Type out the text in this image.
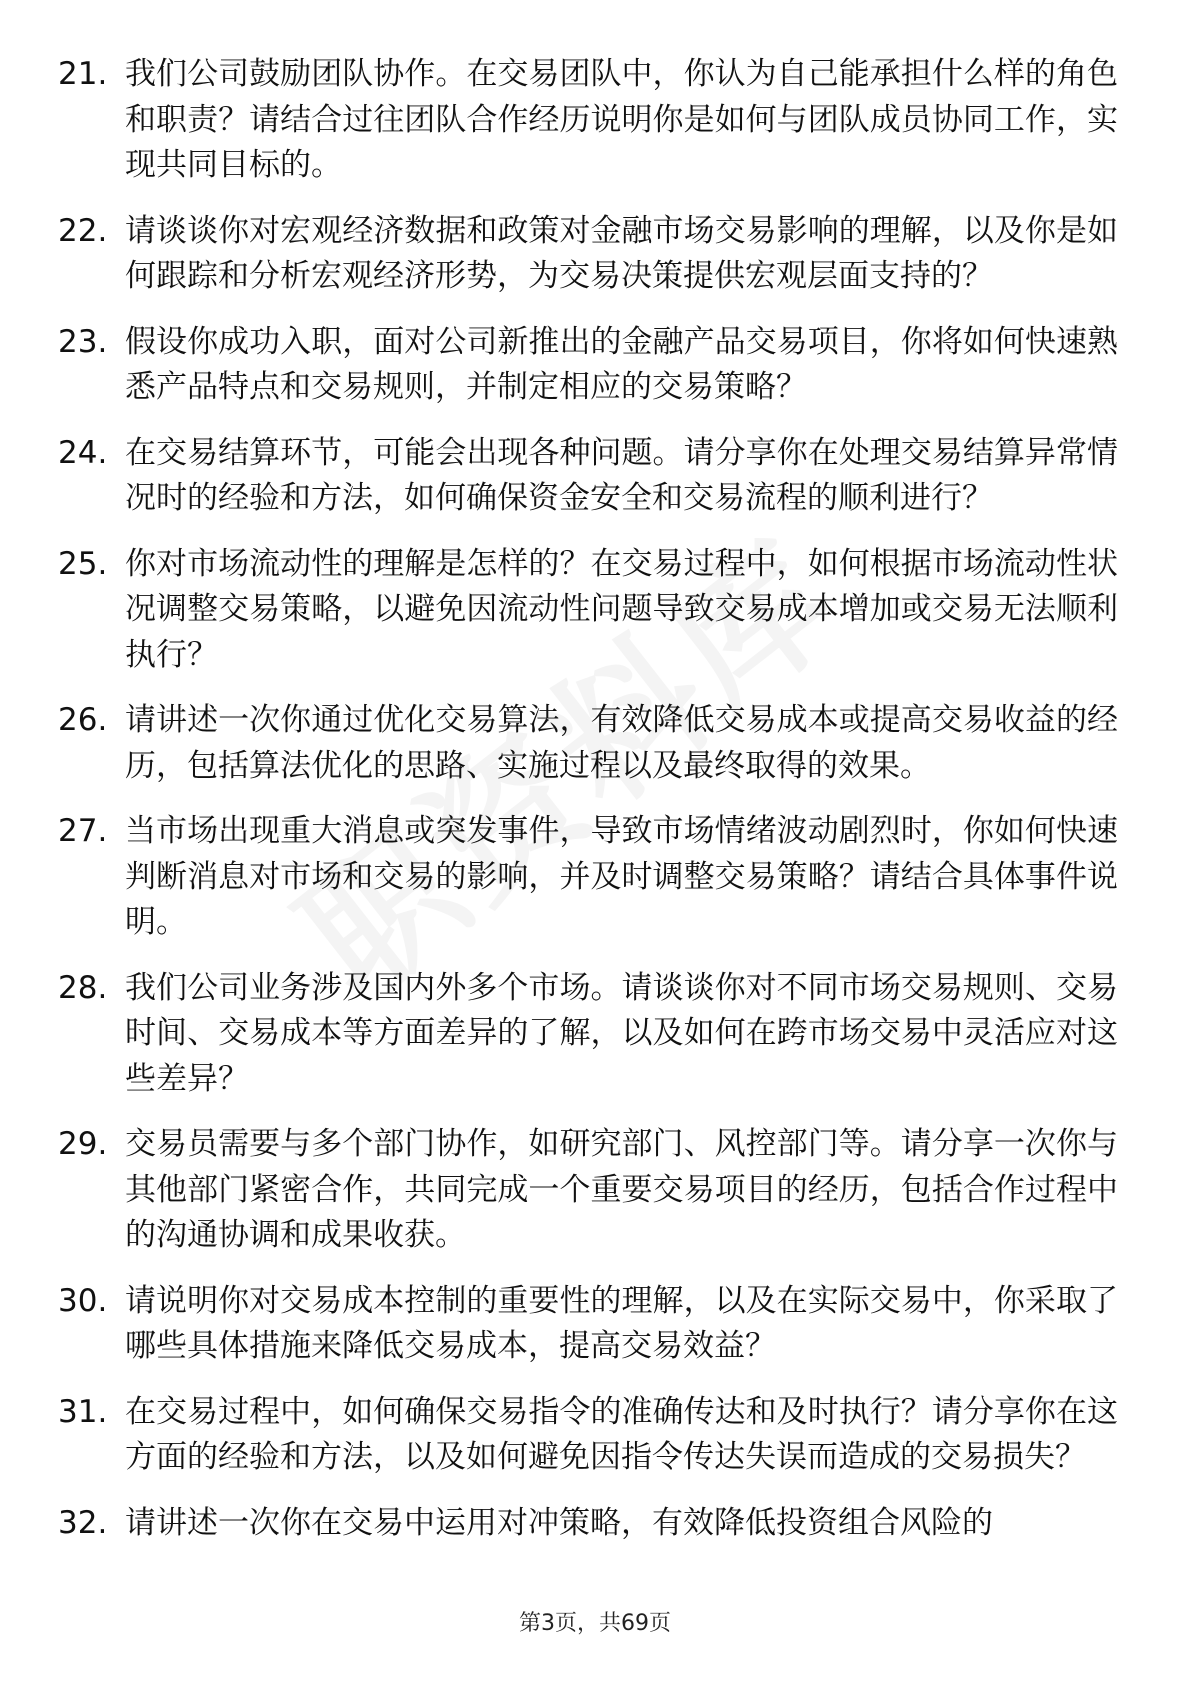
21. 我们公司鼓励团队协作。在交易团队中，你认为自己能承担什么样的角色和职责？请结合过往团队合作经历说明你是如何与团队成员协同工作，实现共同目标的。
22. 请谈谈你对宏观经济数据和政策对金融市场交易影响的理解，以及你是如何跟踪和分析宏观经济形势，为交易决策提供宏观层面支持的？
23. 假设你成功入职，面对公司新推出的金融产品交易项目，你将如何快速熟悉产品特点和交易规则，并制定相应的交易策略？
24. 在交易结算环节，可能会出现各种问题。请分享你在处理交易结算异常情况时的经验和方法，如何确保资金安全和交易流程的顺利进行？
25. 你对市场流动性的理解是怎样的？在交易过程中，如何根据市场流动性状况调整交易策略，以避免因流动性问题导致交易成本增加或交易无法顺利执行？
26. 请讲述一次你通过优化交易算法，有效降低交易成本或提高交易收益的经历，包括算法优化的思路、实施过程以及最终取得的效果。
27. 当市场出现重大消息或突发事件，导致市场情绪波动剧烈时，你如何快速判断消息对市场和交易的影响，并及时调整交易策略？请结合具体事件说明。
28. 我们公司业务涉及国内外多个市场。请谈谈你对不同市场交易规则、交易时间、交易成本等方面差异的了解，以及如何在跨市场交易中灵活应对这些差异？
29. 交易员需要与多个部门协作，如研究部门、风控部门等。请分享一次你与其他部门紧密合作，共同完成一个重要交易项目的经历，包括合作过程中的沟通协调和成果收获。
30. 请说明你对交易成本控制的重要性的理解，以及在实际交易中，你采取了哪些具体措施来降低交易成本，提高交易效益？
31. 在交易过程中，如何确保交易指令的准确传达和及时执行？请分享你在这方面的经验和方法，以及如何避免因指令传达失误而造成的交易损失？
32. 请讲述一次你在交易中运用对冲策略，有效降低投资组合风险的
第3页，共69页
